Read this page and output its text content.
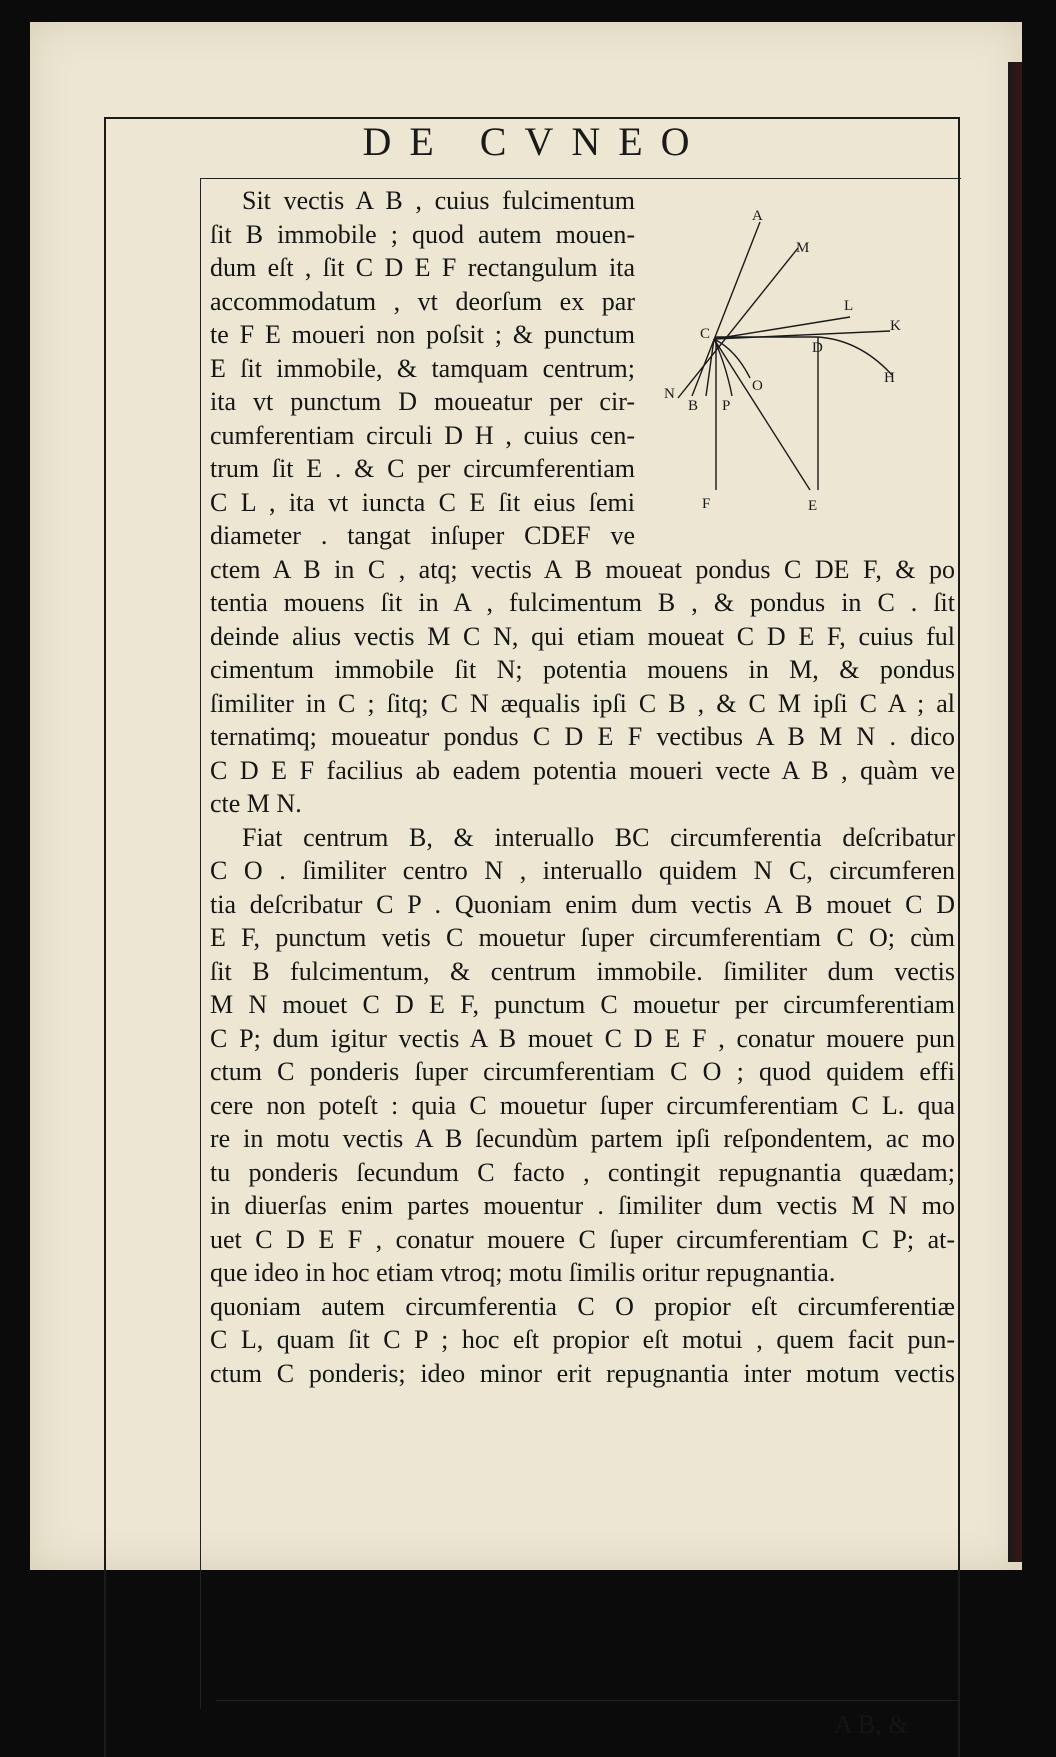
DE CVNEO
A
M
L
K
C
D
H
N
B P
O
F	E
Sit vectis A B , cuius fulcimentum
ſit B immobile ; quod autem mouen-
dum eſt , ſit C D E F rectangulum ita
accommodatum , vt deorſum ex par
te F E moueri non poſsit ; & punctum
E ſit immobile, & tamquam centrum;
ita vt punctum D moueatur per cir-
cumferentiam circuli D H , cuius cen-
trum ſit E . & C per circumferentiam
C L , ita vt iuncta C E ſit eius ſemi
diameter . tangat inſuper CDEF ve
ctem A B in C , atq; vectis A B moueat pondus C DE F, & po
tentia mouens ſit in A , fulcimentum B , & pondus in C . ſit
deinde alius vectis M C N, qui etiam moueat C D E F, cuius ful
cimentum immobile ſit N; potentia mouens in M, & pondus
ſimiliter in C ; ſitq; C N æqualis ipſi C B , & C M ipſi C A ; al
ternatimq; moueatur pondus C D E F vectibus A B M N . dico
C D E F facilius ab eadem potentia moueri vecte A B , quàm ve
cte M N.
Fiat centrum B, & interuallo BC circumferentia deſcribatur
C O . ſimiliter centro N , interuallo quidem N C, circumferen
tia deſcribatur C P . Quoniam enim dum vectis A B mouet C D
E F, punctum vetis C mouetur ſuper circumferentiam C O; cùm
ſit B fulcimentum, & centrum immobile. ſimiliter dum vectis
M N mouet C D E F, punctum C mouetur per circumferentiam
C P; dum igitur vectis A B mouet C D E F , conatur mouere pun
ctum C ponderis ſuper circumferentiam C O ; quod quidem effi
cere non poteſt : quia C mouetur ſuper circumferentiam C L. qua
re in motu vectis A B ſecundùm partem ipſi reſpondentem, ac mo
tu ponderis ſecundum C facto , contingit repugnantia quædam;
in diuerſas enim partes mouentur . ſimiliter dum vectis M N mo
uet C D E F , conatur mouere C ſuper circumferentiam C P; at-
que ideo in hoc etiam vtroq; motu ſimilis oritur repugnantia.
quoniam autem circumferentia C O propior eſt circumferentiæ
C L, quam ſit C P ; hoc eſt propior eſt motui , quem facit pun-
ctum C ponderis; ideo minor erit repugnantia inter motum vectis
A B, &
